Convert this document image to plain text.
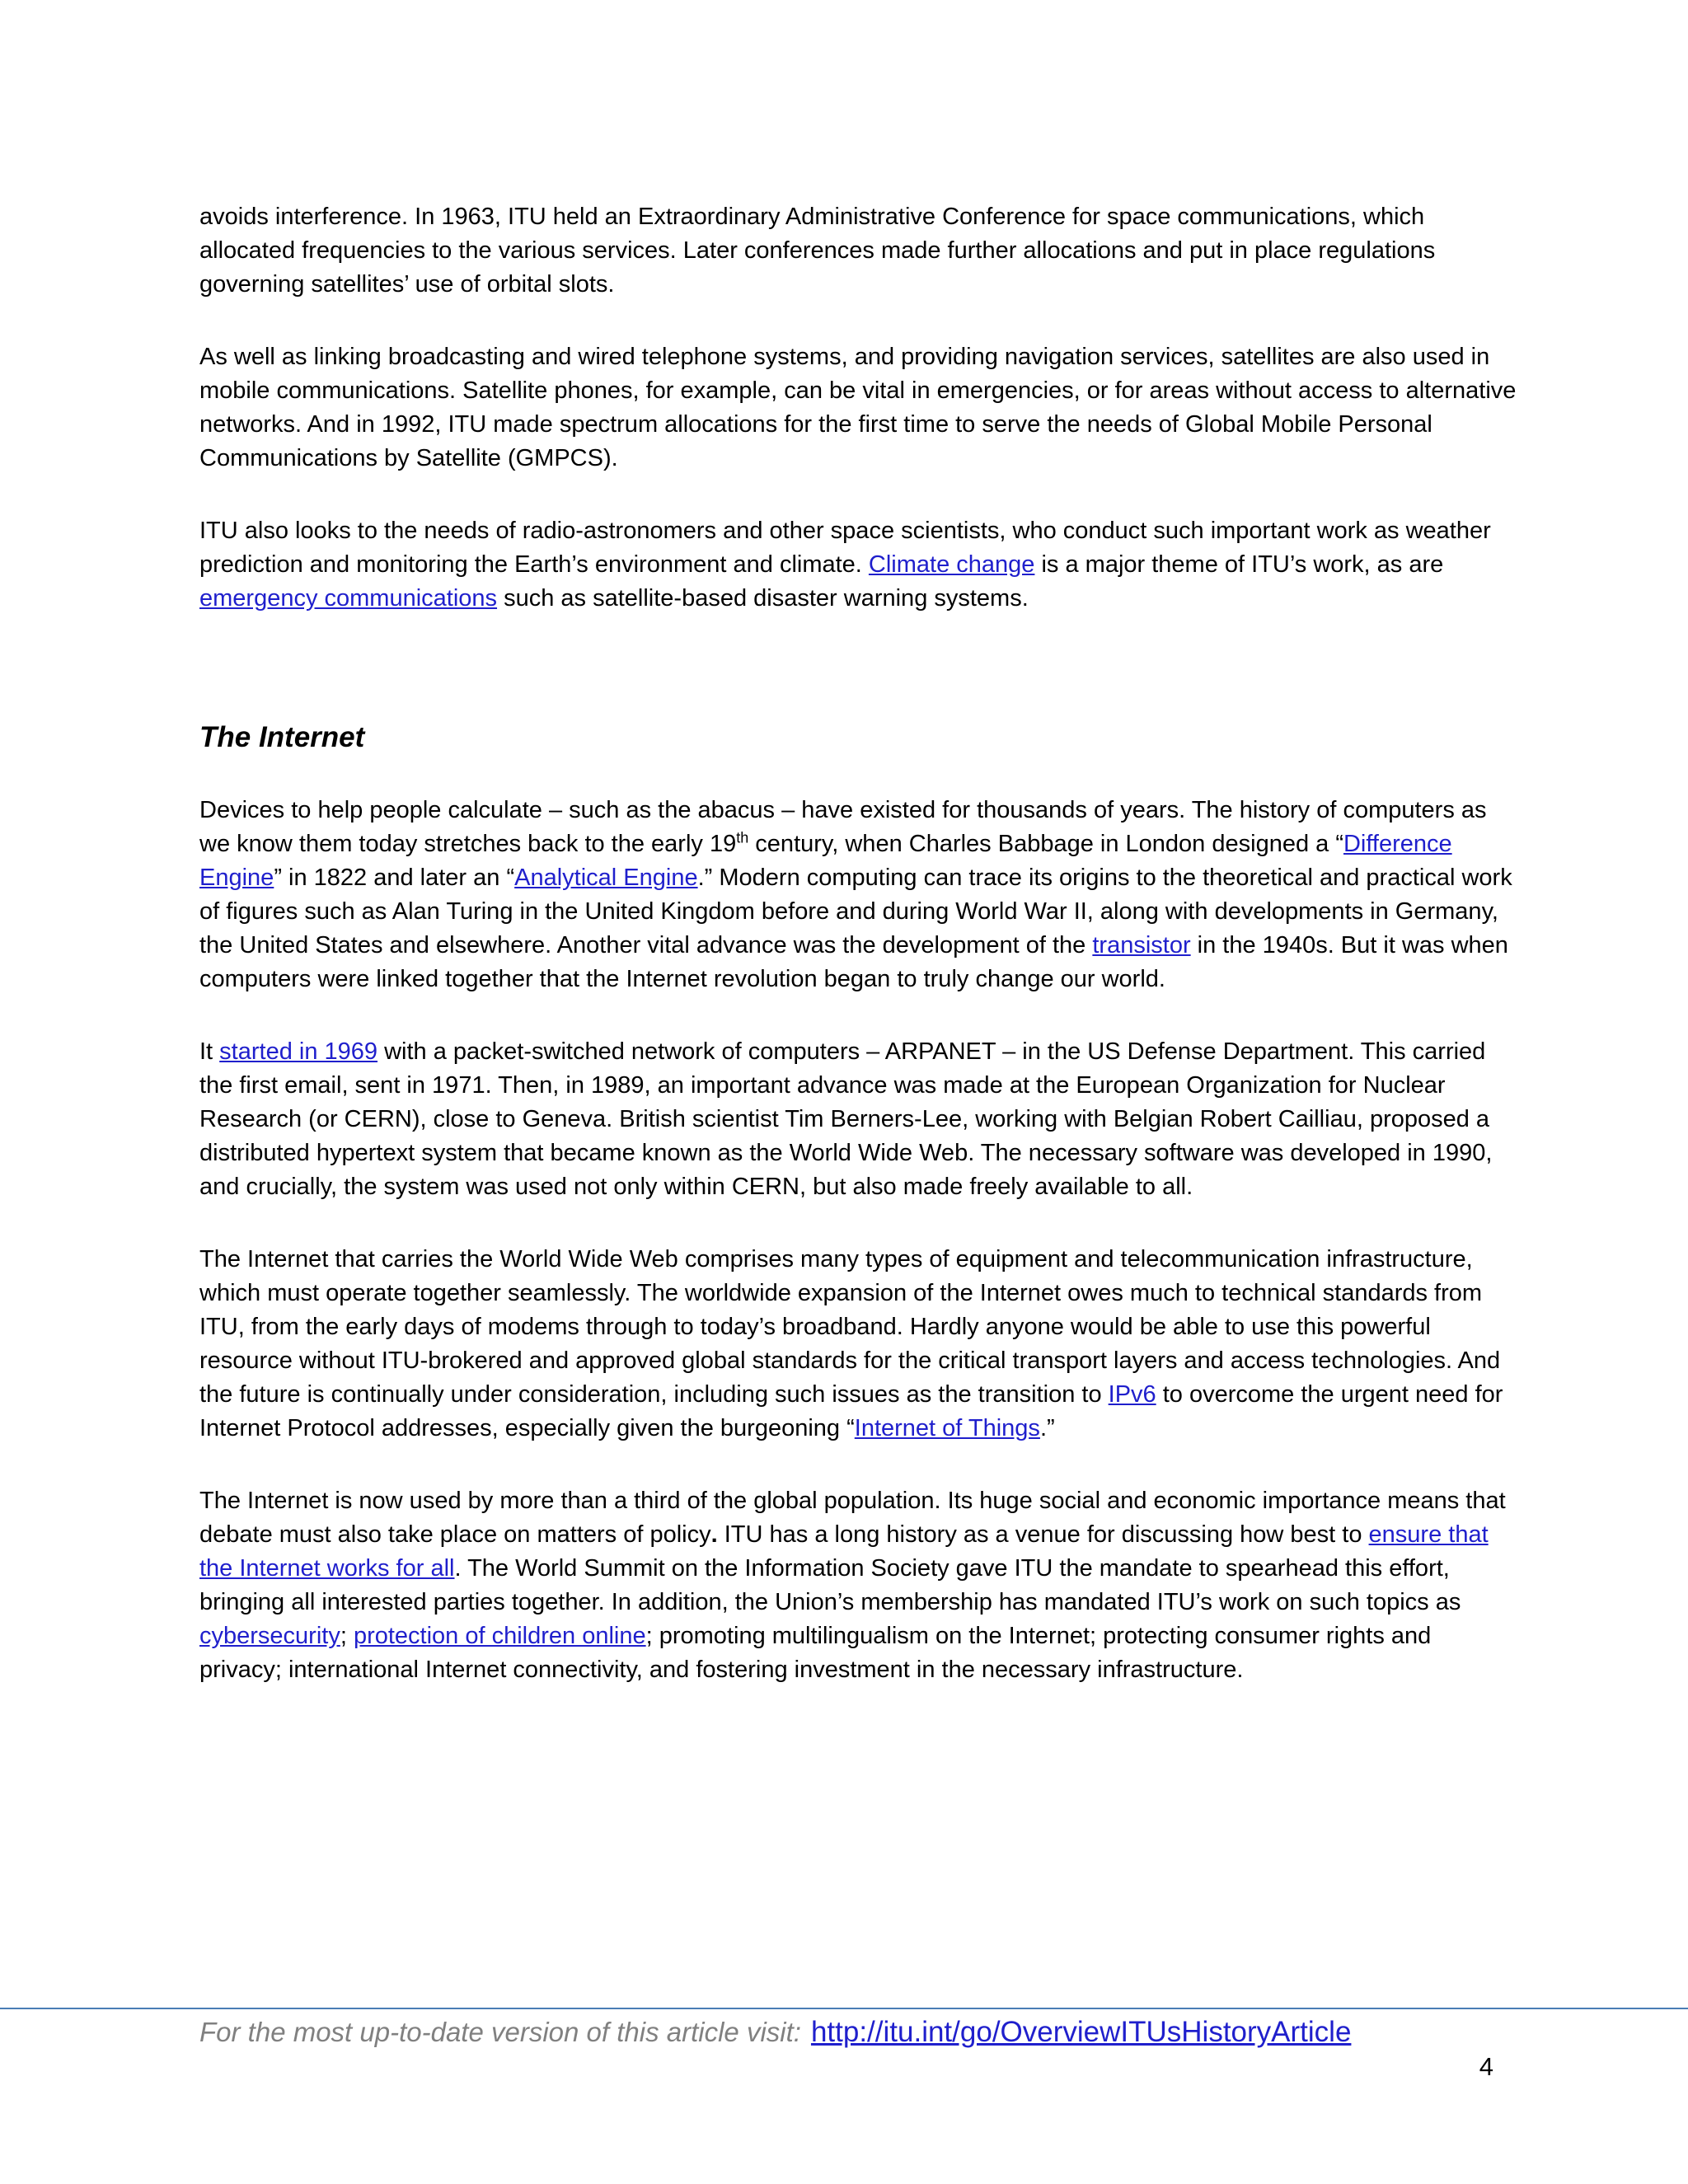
avoids interference. In 1963, ITU held an Extraordinary Administrative Conference for space communications, which allocated frequencies to the various services. Later conferences made further allocations and put in place regulations governing satellites’ use of orbital slots.

As well as linking broadcasting and wired telephone systems, and providing navigation services, satellites are also used in mobile communications. Satellite phones, for example, can be vital in emergencies, or for areas without access to alternative networks. And in 1992, ITU made spectrum allocations for the first time to serve the needs of Global Mobile Personal Communications by Satellite (GMPCS).

ITU also looks to the needs of radio-astronomers and other space scientists, who conduct such important work as weather prediction and monitoring the Earth’s environment and climate. Climate change is a major theme of ITU’s work, as are emergency communications such as satellite-based disaster warning systems.

The Internet

Devices to help people calculate – such as the abacus – have existed for thousands of years. The history of computers as we know them today stretches back to the early 19th century, when Charles Babbage in London designed a “Difference Engine” in 1822 and later an “Analytical Engine.” Modern computing can trace its origins to the theoretical and practical work of figures such as Alan Turing in the United Kingdom before and during World War II, along with developments in Germany, the United States and elsewhere. Another vital advance was the development of the transistor in the 1940s. But it was when computers were linked together that the Internet revolution began to truly change our world.

It started in 1969 with a packet-switched network of computers – ARPANET – in the US Defense Department. This carried the first email, sent in 1971. Then, in 1989, an important advance was made at the European Organization for Nuclear Research (or CERN), close to Geneva. British scientist Tim Berners-Lee, working with Belgian Robert Cailliau, proposed a distributed hypertext system that became known as the World Wide Web. The necessary software was developed in 1990, and crucially, the system was used not only within CERN, but also made freely available to all.

The Internet that carries the World Wide Web comprises many types of equipment and telecommunication infrastructure, which must operate together seamlessly. The worldwide expansion of the Internet owes much to technical standards from ITU, from the early days of modems through to today’s broadband. Hardly anyone would be able to use this powerful resource without ITU-brokered and approved global standards for the critical transport layers and access technologies. And the future is continually under consideration, including such issues as the transition to IPv6 to overcome the urgent need for Internet Protocol addresses, especially given the burgeoning “Internet of Things.”

The Internet is now used by more than a third of the global population. Its huge social and economic importance means that debate must also take place on matters of policy. ITU has a long history as a venue for discussing how best to ensure that the Internet works for all. The World Summit on the Information Society gave ITU the mandate to spearhead this effort, bringing all interested parties together. In addition, the Union’s membership has mandated ITU’s work on such topics as cybersecurity; protection of children online; promoting multilingualism on the Internet; protecting consumer rights and privacy; international Internet connectivity, and fostering investment in the necessary infrastructure.

For the most up-to-date version of this article visit: http://itu.int/go/OverviewITUsHistoryArticle
4
